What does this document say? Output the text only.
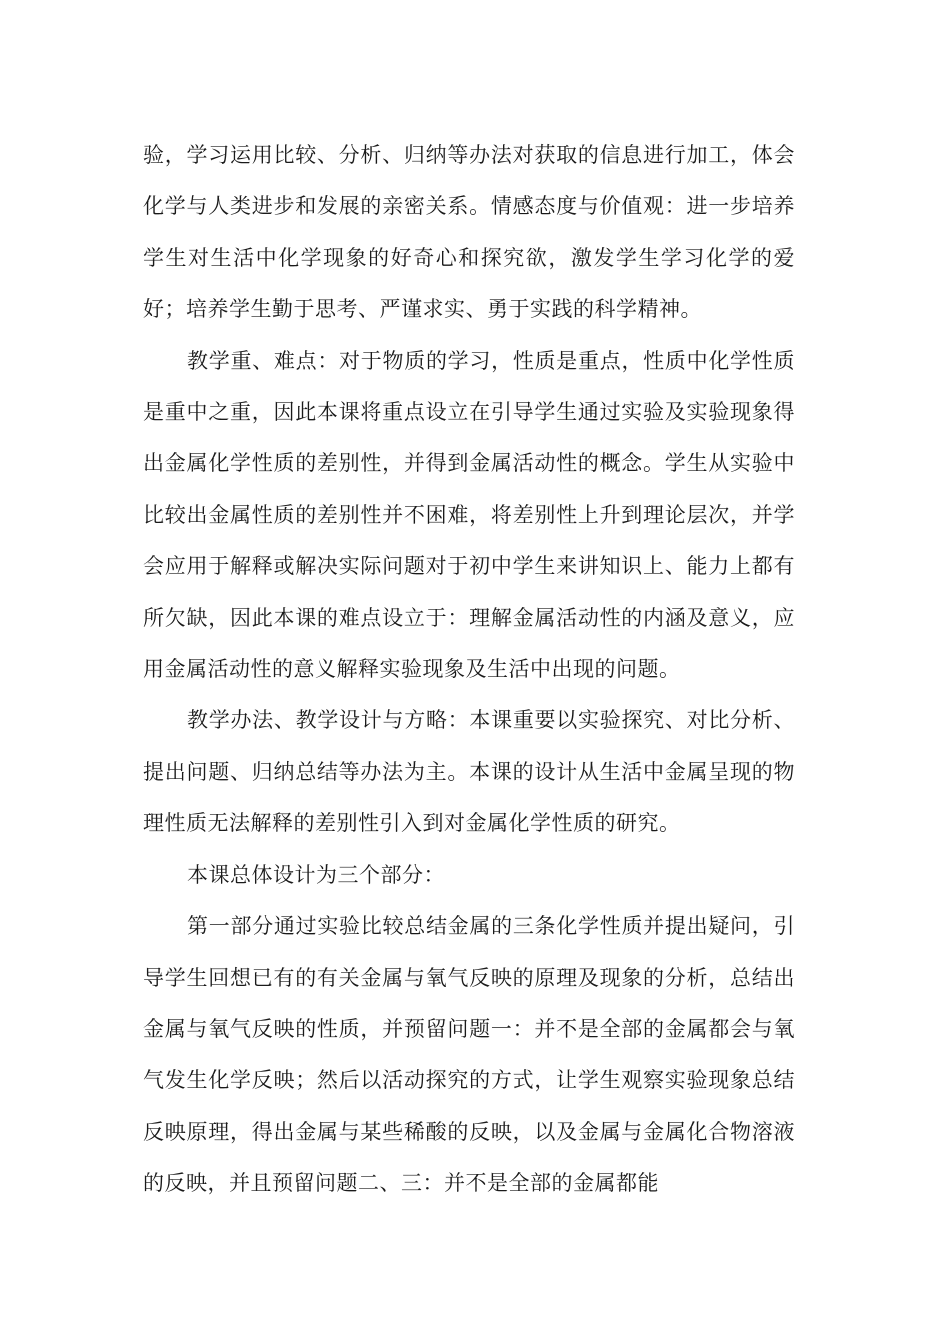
验，学习运用比较、分析、归纳等办法对获取的信息进行加工，体会化学与人类进步和发展的亲密关系。情感态度与价值观：进一步培养学生对生活中化学现象的好奇心和探究欲，激发学生学习化学的爱好；培养学生勤于思考、严谨求实、勇于实践的科学精神。

教学重、难点：对于物质的学习，性质是重点，性质中化学性质是重中之重，因此本课将重点设立在引导学生通过实验及实验现象得出金属化学性质的差别性，并得到金属活动性的概念。学生从实验中比较出金属性质的差别性并不困难，将差别性上升到理论层次，并学会应用于解释或解决实际问题对于初中学生来讲知识上、能力上都有所欠缺，因此本课的难点设立于：理解金属活动性的内涵及意义，应用金属活动性的意义解释实验现象及生活中出现的问题。

教学办法、教学设计与方略：本课重要以实验探究、对比分析、提出问题、归纳总结等办法为主。本课的设计从生活中金属呈现的物理性质无法解释的差别性引入到对金属化学性质的研究。

本课总体设计为三个部分：

第一部分通过实验比较总结金属的三条化学性质并提出疑问，引导学生回想已有的有关金属与氧气反映的原理及现象的分析，总结出金属与氧气反映的性质，并预留问题一：并不是全部的金属都会与氧气发生化学反映；然后以活动探究的方式，让学生观察实验现象总结反映原理，得出金属与某些稀酸的反映，以及金属与金属化合物溶液的反映，并且预留问题二、三：并不是全部的金属都能
